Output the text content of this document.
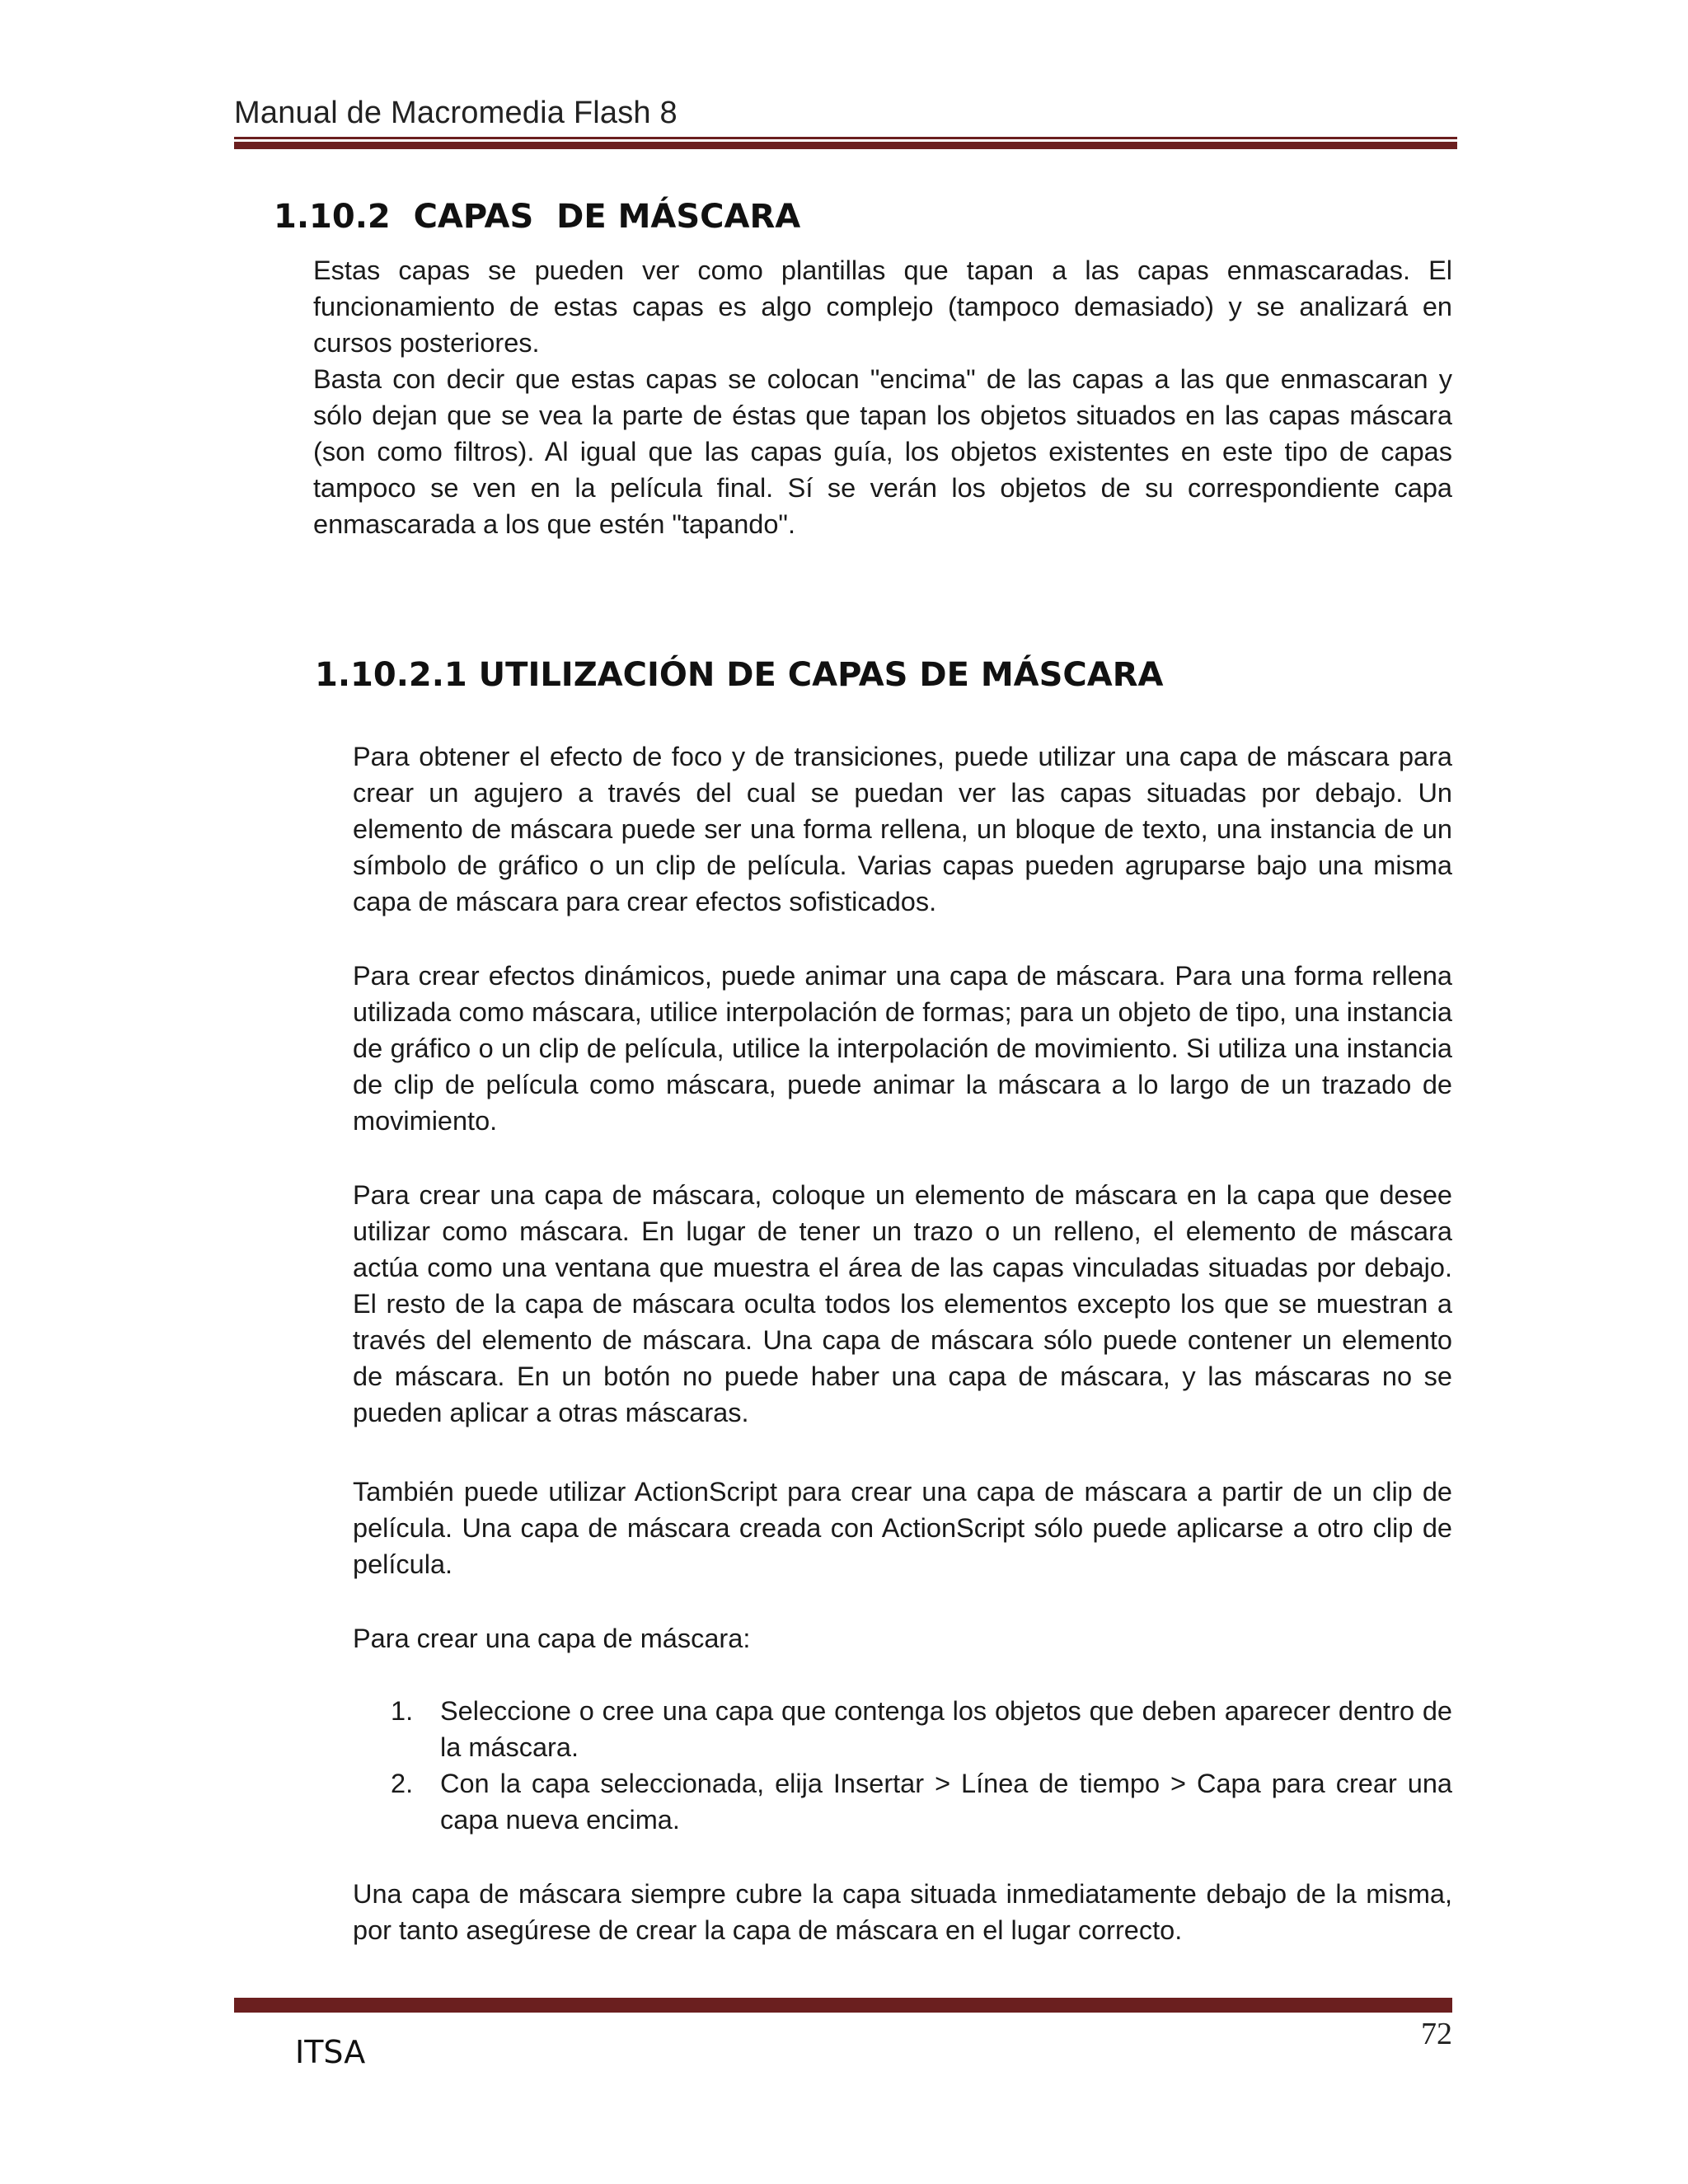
Manual de Macromedia Flash 8
1.10.2  CAPAS  DE MÁSCARA

Estas capas se pueden ver como plantillas que tapan a las capas enmascaradas. El funcionamiento de estas capas es algo complejo (tampoco demasiado) y se analizará en cursos posteriores.

Basta con decir que estas capas se colocan "encima" de las capas a las que enmascaran y sólo dejan que se vea la parte de éstas que tapan los objetos situados en las capas máscara (son como filtros). Al igual que las capas guía, los objetos existentes en este tipo de capas tampoco se ven en la película final. Sí se verán los objetos de su correspondiente capa enmascarada a los que estén "tapando".

1.10.2.1 UTILIZACIÓN DE CAPAS DE MÁSCARA

Para obtener el efecto de foco y de transiciones, puede utilizar una capa de máscara para crear un agujero a través del cual se puedan ver las capas situadas por debajo. Un elemento de máscara puede ser una forma rellena, un bloque de texto, una instancia de un símbolo de gráfico o un clip de película. Varias capas pueden agruparse bajo una misma capa de máscara para crear efectos sofisticados.

Para crear efectos dinámicos, puede animar una capa de máscara. Para una forma rellena utilizada como máscara, utilice interpolación de formas; para un objeto de tipo, una instancia de gráfico o un clip de película, utilice la interpolación de movimiento. Si utiliza una instancia de clip de película como máscara, puede animar la máscara a lo largo de un trazado de movimiento.

Para crear una capa de máscara, coloque un elemento de máscara en la capa que desee utilizar como máscara. En lugar de tener un trazo o un relleno, el elemento de máscara actúa como una ventana que muestra el área de las capas vinculadas situadas por debajo. El resto de la capa de máscara oculta todos los elementos excepto los que se muestran a través del elemento de máscara. Una capa de máscara sólo puede contener un elemento de máscara. En un botón no puede haber una capa de máscara, y las máscaras no se pueden aplicar a otras máscaras.

También puede utilizar ActionScript para crear una capa de máscara a partir de un clip de película. Una capa de máscara creada con ActionScript sólo puede aplicarse a otro clip de película.

Para crear una capa de máscara:

1. Seleccione o cree una capa que contenga los objetos que deben aparecer dentro de la máscara.
2. Con la capa seleccionada, elija Insertar > Línea de tiempo > Capa para crear una capa nueva encima.

Una capa de máscara siempre cubre la capa situada inmediatamente debajo de la misma, por tanto asegúrese de crear la capa de máscara en el lugar correcto.

72
ITSA
